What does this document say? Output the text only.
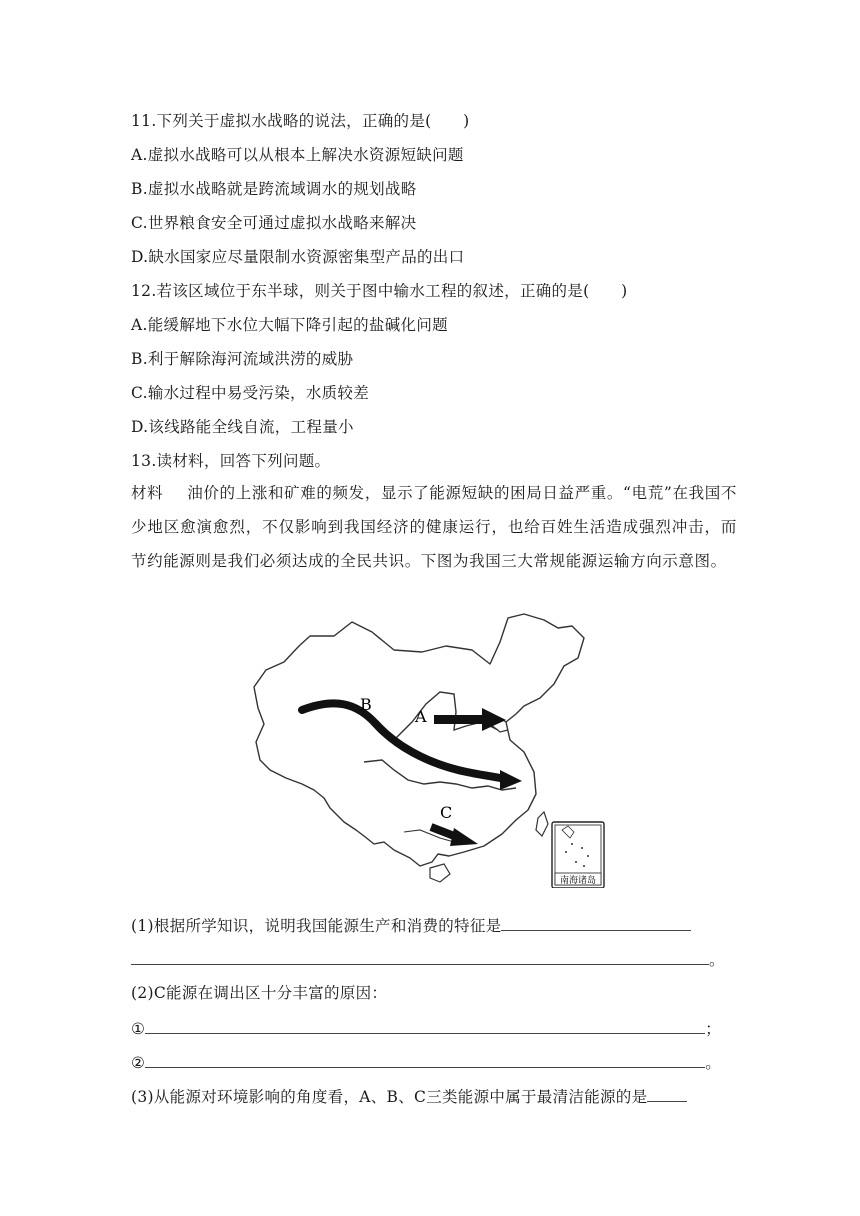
11.下列关于虚拟水战略的说法，正确的是(　　)
A.虚拟水战略可以从根本上解决水资源短缺问题
B.虚拟水战略就是跨流域调水的规划战略
C.世界粮食安全可通过虚拟水战略来解决
D.缺水国家应尽量限制水资源密集型产品的出口
12.若该区域位于东半球，则关于图中输水工程的叙述，正确的是(　　)
A.能缓解地下水位大幅下降引起的盐碱化问题
B.利于解除海河流域洪涝的威胁
C.输水过程中易受污染，水质较差
D.该线路能全线自流，工程量小
13.读材料，回答下列问题。
材料 油价的上涨和矿难的频发，显示了能源短缺的困局日益严重。“电荒”在我国不少地区愈演愈烈，不仅影响到我国经济的健康运行，也给百姓生活造成强烈冲击，而节约能源则是我们必须达成的全民共识。下图为我国三大常规能源运输方向示意图。
B
A
C
南海诸岛
(1)根据所学知识，说明我国能源生产和消费的特征是
。
(2)C能源在调出区十分丰富的原因：
①	；
②	。
(3)从能源对环境影响的角度看，A、B、C三类能源中属于最清洁能源的是
